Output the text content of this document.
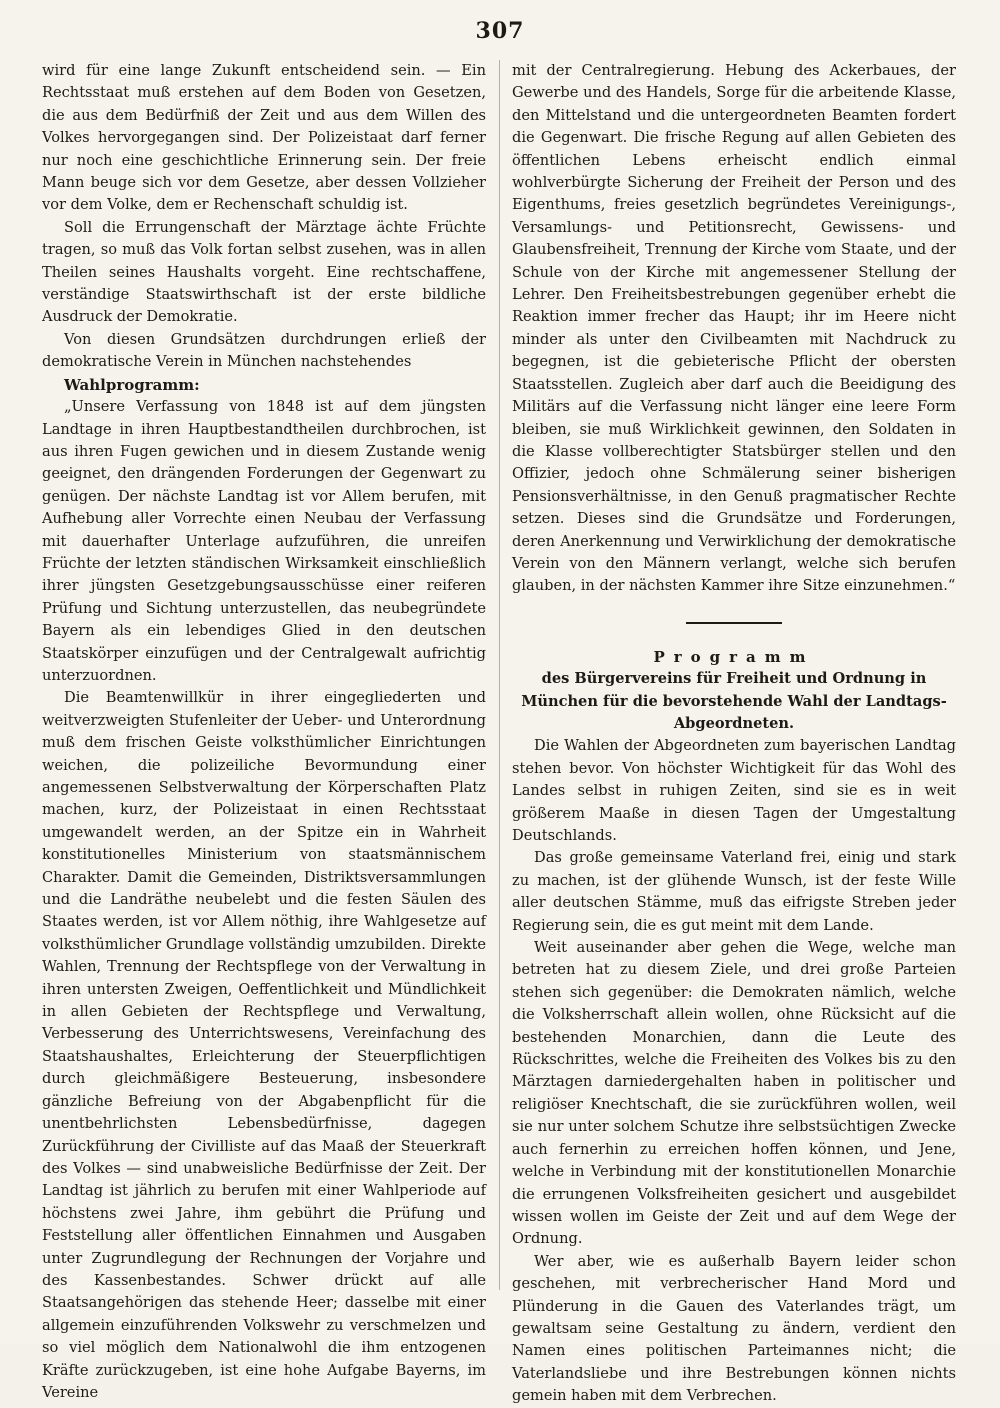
307

wird für eine lange Zukunft entscheidend sein. — Ein Rechtsstaat muß erstehen auf dem Boden von Gesetzen, die aus dem Bedürfniß der Zeit und aus dem Willen des Volkes hervorgegangen sind. Der Polizeistaat darf ferner nur noch eine geschichtliche Erinnerung sein. Der freie Mann beuge sich vor dem Gesetze, aber dessen Vollzieher vor dem Volke, dem er Rechenschaft schuldig ist.

Soll die Errungenschaft der Märztage ächte Früchte tragen, so muß das Volk fortan selbst zusehen, was in allen Theilen seines Haushalts vorgeht. Eine rechtschaffene, verständige Staatswirthschaft ist der erste bildliche Ausdruck der Demokratie.

Von diesen Grundsätzen durchdrungen erließ der demokratische Verein in München nachstehendes

Wahlprogramm:

„Unsere Verfassung von 1848 ist auf dem jüngsten Landtage in ihren Hauptbestandtheilen durchbrochen, ist aus ihren Fugen gewichen und in diesem Zustande wenig geeignet, den drängenden Forderungen der Gegenwart zu genügen. Der nächste Landtag ist vor Allem berufen, mit Aufhebung aller Vorrechte einen Neubau der Verfassung mit dauerhafter Unterlage aufzuführen, die unreifen Früchte der letzten ständischen Wirksamkeit einschließlich ihrer jüngsten Gesetzgebungsausschüsse einer reiferen Prüfung und Sichtung unterzustellen, das neubegründete Bayern als ein lebendiges Glied in den deutschen Staatskörper einzufügen und der Centralgewalt aufrichtig unterzuordnen.

Die Beamtenwillkür in ihrer eingegliederten und weitverzweigten Stufenleiter der Ueber- und Unterordnung muß dem frischen Geiste volksthümlicher Einrichtungen weichen, die polizeiliche Bevormundung einer angemessenen Selbstverwaltung der Körperschaften Platz machen, kurz, der Polizeistaat in einen Rechtsstaat umgewandelt werden, an der Spitze ein in Wahrheit konstitutionelles Ministerium von staatsmännischem Charakter. Damit die Gemeinden, Distriktsversammlungen und die Landräthe neubelebt und die festen Säulen des Staates werden, ist vor Allem nöthig, ihre Wahlgesetze auf volksthümlicher Grundlage vollständig umzubilden. Direkte Wahlen, Trennung der Rechtspflege von der Verwaltung in ihren untersten Zweigen, Oeffentlichkeit und Mündlichkeit in allen Gebieten der Rechtspflege und Verwaltung, Verbesserung des Unterrichtswesens, Vereinfachung des Staatshaushaltes, Erleichterung der Steuerpflichtigen durch gleichmäßigere Besteuerung, insbesondere gänzliche Befreiung von der Abgabenpflicht für die unentbehrlichsten Lebensbedürfnisse, dagegen Zurückführung der Civilliste auf das Maaß der Steuerkraft des Volkes — sind unabweisliche Bedürfnisse der Zeit. Der Landtag ist jährlich zu berufen mit einer Wahlperiode auf höchstens zwei Jahre, ihm gebührt die Prüfung und Feststellung aller öffentlichen Einnahmen und Ausgaben unter Zugrundlegung der Rechnungen der Vorjahre und des Kassenbestandes. Schwer drückt auf alle Staatsangehörigen das stehende Heer; dasselbe mit einer allgemein einzuführenden Volkswehr zu verschmelzen und so viel möglich dem Nationalwohl die ihm entzogenen Kräfte zurückzugeben, ist eine hohe Aufgabe Bayerns, im Vereine

mit der Centralregierung. Hebung des Ackerbaues, der Gewerbe und des Handels, Sorge für die arbeitende Klasse, den Mittelstand und die untergeordneten Beamten fordert die Gegenwart. Die frische Regung auf allen Gebieten des öffentlichen Lebens erheischt endlich einmal wohlverbürgte Sicherung der Freiheit der Person und des Eigenthums, freies gesetzlich begründetes Vereinigungs-, Versamlungs- und Petitionsrecht, Gewissens- und Glaubensfreiheit, Trennung der Kirche vom Staate, und der Schule von der Kirche mit angemessener Stellung der Lehrer. Den Freiheitsbestrebungen gegenüber erhebt die Reaktion immer frecher das Haupt; ihr im Heere nicht minder als unter den Civilbeamten mit Nachdruck zu begegnen, ist die gebieterische Pflicht der obersten Staatsstellen. Zugleich aber darf auch die Beeidigung des Militärs auf die Verfassung nicht länger eine leere Form bleiben, sie muß Wirklichkeit gewinnen, den Soldaten in die Klasse vollberechtigter Statsbürger stellen und den Offizier, jedoch ohne Schmälerung seiner bisherigen Pensionsverhältnisse, in den Genuß pragmatischer Rechte setzen. Dieses sind die Grundsätze und Forderungen, deren Anerkennung und Verwirklichung der demokratische Verein von den Männern verlangt, welche sich berufen glauben, in der nächsten Kammer ihre Sitze einzunehmen.“

Programm

des Bürgervereins für Freiheit und Ordnung in München für die bevorstehende Wahl der Landtags-Abgeordneten.

Die Wahlen der Abgeordneten zum bayerischen Landtag stehen bevor. Von höchster Wichtigkeit für das Wohl des Landes selbst in ruhigen Zeiten, sind sie es in weit größerem Maaße in diesen Tagen der Umgestaltung Deutschlands.

Das große gemeinsame Vaterland frei, einig und stark zu machen, ist der glühende Wunsch, ist der feste Wille aller deutschen Stämme, muß das eifrigste Streben jeder Regierung sein, die es gut meint mit dem Lande.

Weit auseinander aber gehen die Wege, welche man betreten hat zu diesem Ziele, und drei große Parteien stehen sich gegenüber: die Demokraten nämlich, welche die Volksherrschaft allein wollen, ohne Rücksicht auf die bestehenden Monarchien, dann die Leute des Rückschrittes, welche die Freiheiten des Volkes bis zu den Märztagen darniedergehalten haben in politischer und religiöser Knechtschaft, die sie zurückführen wollen, weil sie nur unter solchem Schutze ihre selbstsüchtigen Zwecke auch fernerhin zu erreichen hoffen können, und Jene, welche in Verbindung mit der konstitutionellen Monarchie die errungenen Volksfreiheiten gesichert und ausgebildet wissen wollen im Geiste der Zeit und auf dem Wege der Ordnung.

Wer aber, wie es außerhalb Bayern leider schon geschehen, mit verbrecherischer Hand Mord und Plünderung in die Gauen des Vaterlandes trägt, um gewaltsam seine Gestaltung zu ändern, verdient den Namen eines politischen Parteimannes nicht; die Vaterlandsliebe und ihre Bestrebungen können nichts gemein haben mit dem Verbrechen.
